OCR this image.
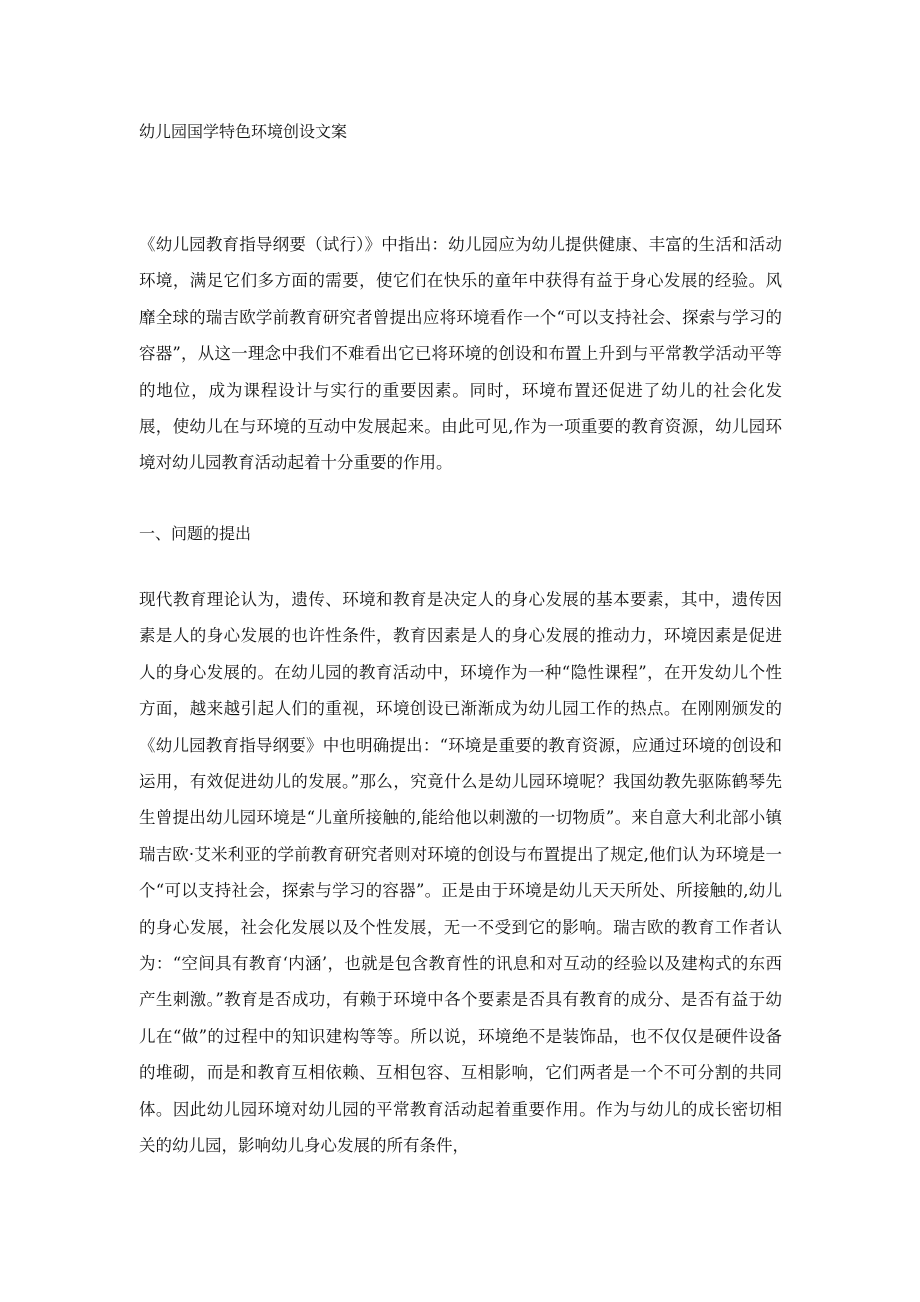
幼儿园国学特色环境创设文案

《幼儿园教育指导纲要（试行）》中指出：幼儿园应为幼儿提供健康、丰富的生活和活动环境，满足它们多方面的需要，使它们在快乐的童年中获得有益于身心发展的经验。风靡全球的瑞吉欧学前教育研究者曾提出应将环境看作一个“可以支持社会、探索与学习的容器”，从这一理念中我们不难看出它已将环境的创设和布置上升到与平常教学活动平等的地位，成为课程设计与实行的重要因素。同时，环境布置还促进了幼儿的社会化发展，使幼儿在与环境的互动中发展起来。由此可见,作为一项重要的教育资源，幼儿园环境对幼儿园教育活动起着十分重要的作用。

一、问题的提出

现代教育理论认为，遗传、环境和教育是决定人的身心发展的基本要素，其中，遗传因素是人的身心发展的也许性条件，教育因素是人的身心发展的推动力，环境因素是促进人的身心发展的。在幼儿园的教育活动中，环境作为一种“隐性课程”，在开发幼儿个性方面，越来越引起人们的重视，环境创设已渐渐成为幼儿园工作的热点。在刚刚颁发的《幼儿园教育指导纲要》中也明确提出：“环境是重要的教育资源，应通过环境的创设和运用，有效促进幼儿的发展。”那么，究竟什么是幼儿园环境呢？我国幼教先驱陈鹤琴先生曾提出幼儿园环境是“儿童所接触的,能给他以刺激的一切物质”。来自意大利北部小镇瑞吉欧·艾米利亚的学前教育研究者则对环境的创设与布置提出了规定,他们认为环境是一个“可以支持社会，探索与学习的容器”。正是由于环境是幼儿天天所处、所接触的,幼儿的身心发展，社会化发展以及个性发展，无一不受到它的影响。瑞吉欧的教育工作者认为：“空间具有教育‘内涵’，也就是包含教育性的讯息和对互动的经验以及建构式的东西产生刺激。”教育是否成功，有赖于环境中各个要素是否具有教育的成分、是否有益于幼儿在“做”的过程中的知识建构等等。所以说，环境绝不是装饰品，也不仅仅是硬件设备的堆砌，而是和教育互相依赖、互相包容、互相影响，它们两者是一个不可分割的共同体。因此幼儿园环境对幼儿园的平常教育活动起着重要作用。作为与幼儿的成长密切相关的幼儿园，影响幼儿身心发展的所有条件，
